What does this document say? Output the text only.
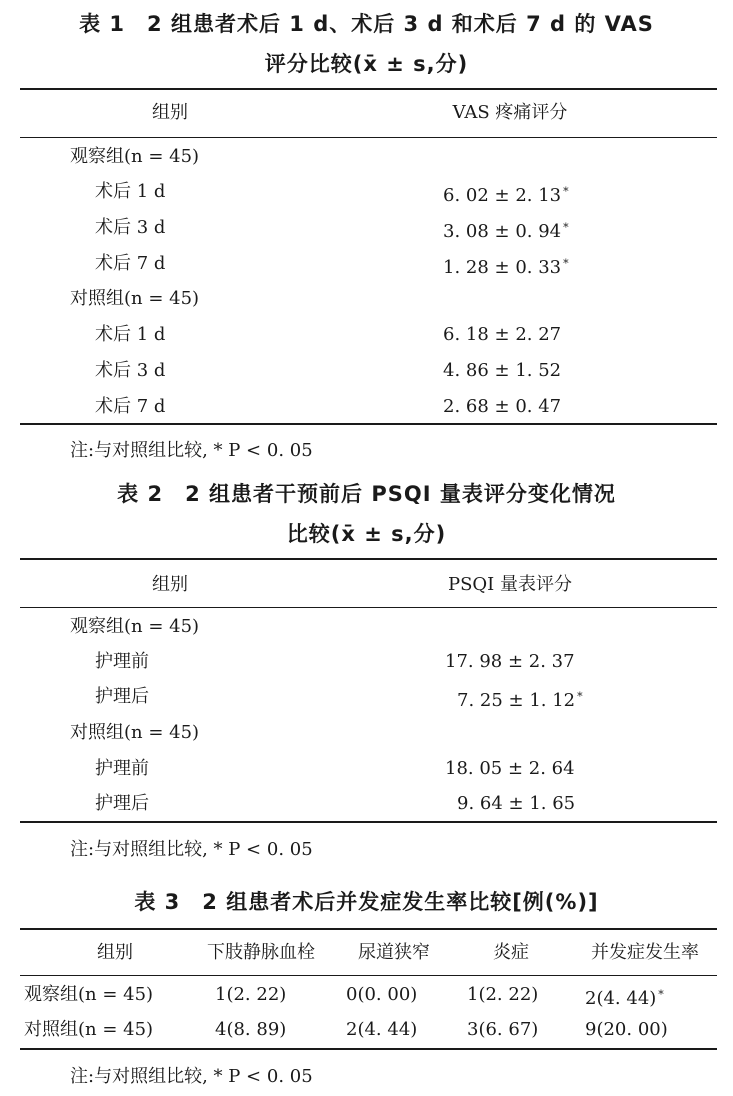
表 1　2 组患者术后 1 d、术后 3 d 和术后 7 d 的 VAS
评分比较(x̄ ± s,分)
组别	VAS 疼痛评分
观察组(n = 45)
术后 1 d	6. 02 ± 2. 13 *
术后 3 d	3. 08 ± 0. 94 *
术后 7 d	1. 28 ± 0. 33 *
对照组(n = 45)
术后 1 d	6. 18 ± 2. 27
术后 3 d	4. 86 ± 1. 52
术后 7 d	2. 68 ± 0. 47
注:与对照组比较, * P < 0. 05
表 2　2 组患者干预前后 PSQI 量表评分变化情况
比较(x̄ ± s,分)
组别	PSQI 量表评分
观察组(n = 45)
护理前	17. 98 ± 2. 37
护理后	7. 25 ± 1. 12 *
对照组(n = 45)
护理前	18. 05 ± 2. 64
护理后	9. 64 ± 1. 65
注:与对照组比较, * P < 0. 05
表 3　2 组患者术后并发症发生率比较[例(%)]
组别	下肢静脉血栓	尿道狭窄	炎症	并发症发生率
观察组(n = 45)	1(2. 22)	0(0. 00)	1(2. 22)	2(4. 44) *
对照组(n = 45)	4(8. 89)	2(4. 44)	3(6. 67)	9(20. 00)
注:与对照组比较, * P < 0. 05
